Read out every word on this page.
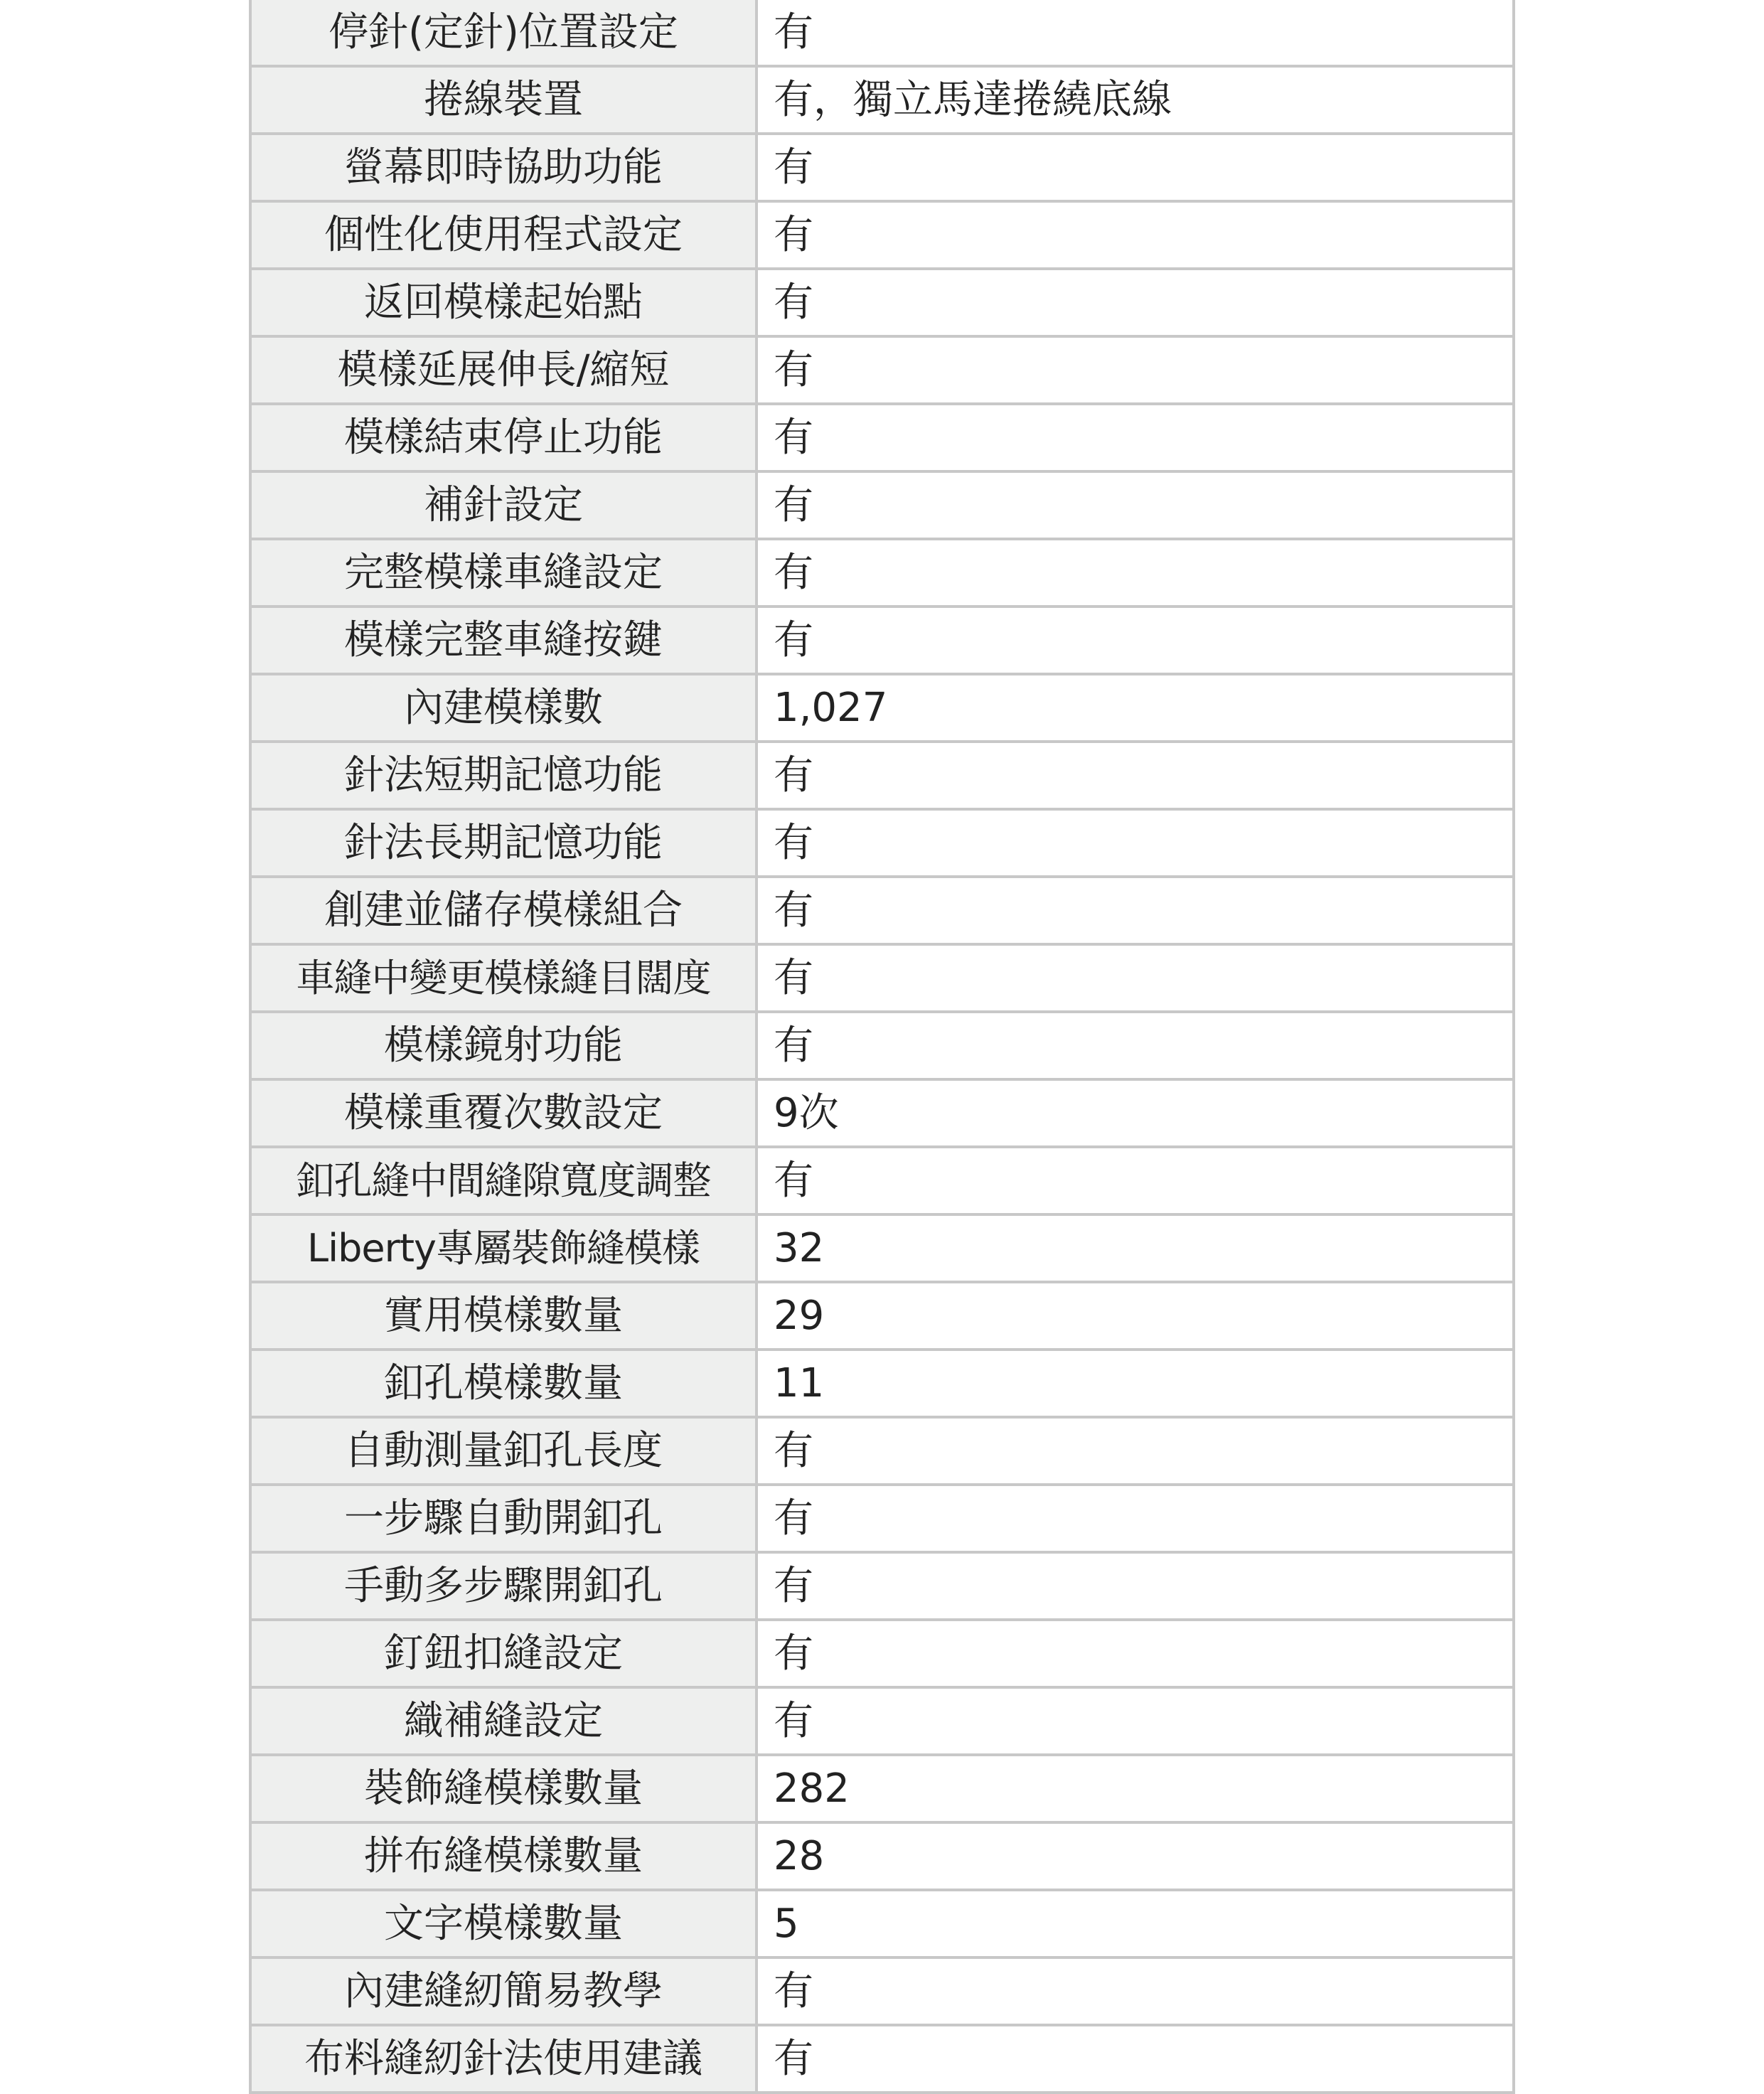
停針(定針)位置設定	有
捲線裝置	有，獨立馬達捲繞底線
螢幕即時協助功能	有
個性化使用程式設定	有
返回模樣起始點	有
模樣延展伸長/縮短	有
模樣結束停止功能	有
補針設定	有
完整模樣車縫設定	有
模樣完整車縫按鍵	有
內建模樣數	1,027
針法短期記憶功能	有
針法長期記憶功能	有
創建並儲存模樣組合	有
車縫中變更模樣縫目闊度	有
模樣鏡射功能	有
模樣重覆次數設定	9次
釦孔縫中間縫隙寬度調整	有
Liberty專屬裝飾縫模樣	32
實用模樣數量	29
釦孔模樣數量	11
自動測量釦孔長度	有
一步驟自動開釦孔	有
手動多步驟開釦孔	有
釘鈕扣縫設定	有
織補縫設定	有
裝飾縫模樣數量	282
拼布縫模樣數量	28
文字模樣數量	5
內建縫紉簡易教學	有
布料縫紉針法使用建議	有
